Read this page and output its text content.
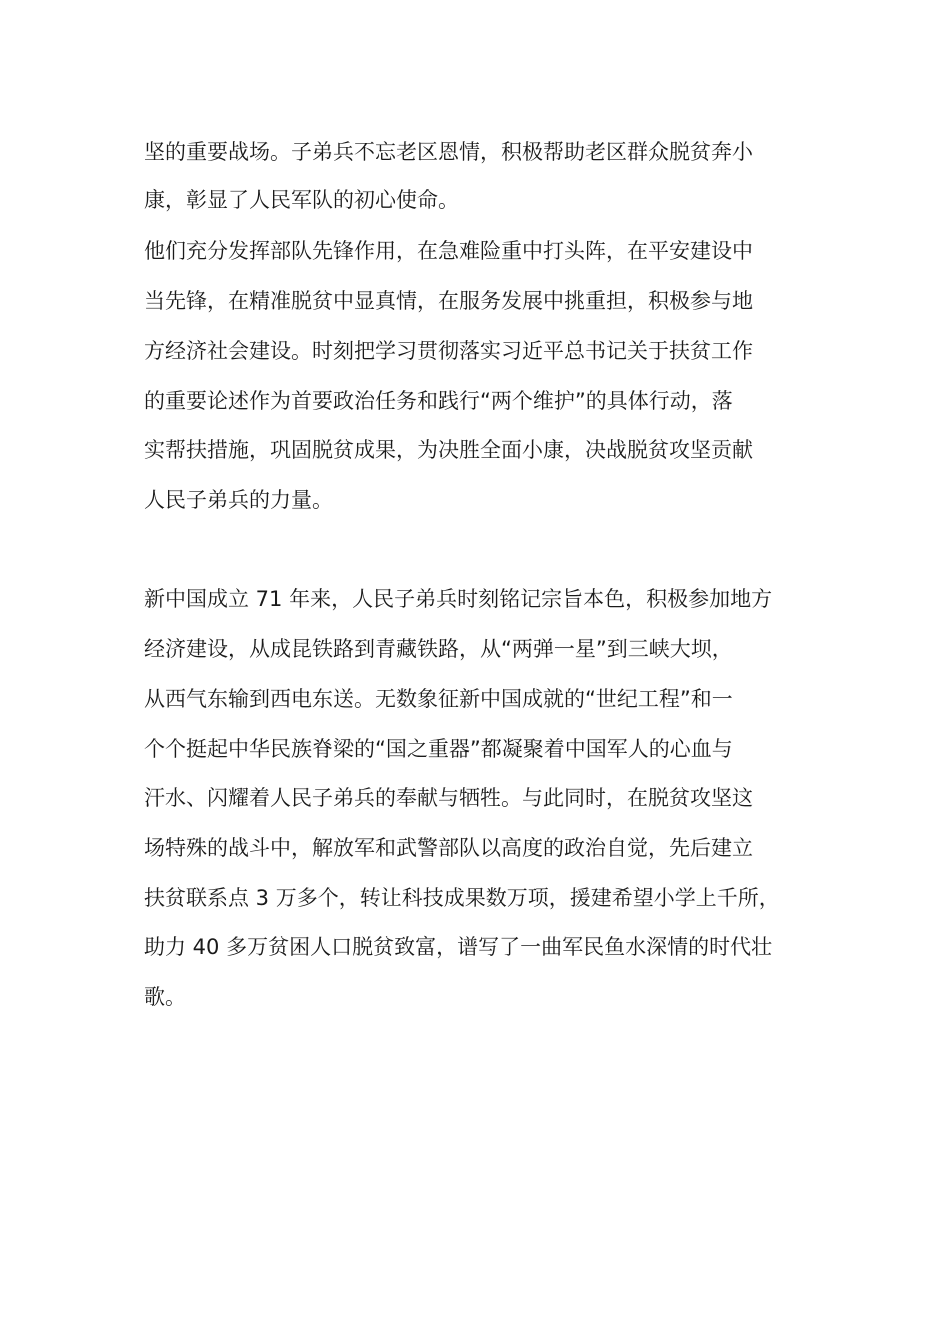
坚的重要战场。子弟兵不忘老区恩情，积极帮助老区群众脱贫奔小
康，彰显了人民军队的初心使命。
他们充分发挥部队先锋作用，在急难险重中打头阵，在平安建设中
当先锋，在精准脱贫中显真情，在服务发展中挑重担，积极参与地
方经济社会建设。时刻把学习贯彻落实习近平总书记关于扶贫工作
的重要论述作为首要政治任务和践行“两个维护”的具体行动，落
实帮扶措施，巩固脱贫成果，为决胜全面小康，决战脱贫攻坚贡献
人民子弟兵的力量。
新中国成立 71 年来，人民子弟兵时刻铭记宗旨本色，积极参加地方
经济建设，从成昆铁路到青藏铁路，从“两弹一星”到三峡大坝，
从西气东输到西电东送。无数象征新中国成就的“世纪工程”和一
个个挺起中华民族脊梁的“国之重器”都凝聚着中国军人的心血与
汗水、闪耀着人民子弟兵的奉献与牺牲。与此同时，在脱贫攻坚这
场特殊的战斗中，解放军和武警部队以高度的政治自觉，先后建立
扶贫联系点 3 万多个，转让科技成果数万项，援建希望小学上千所，
助力 40 多万贫困人口脱贫致富，谱写了一曲军民鱼水深情的时代壮
歌。
